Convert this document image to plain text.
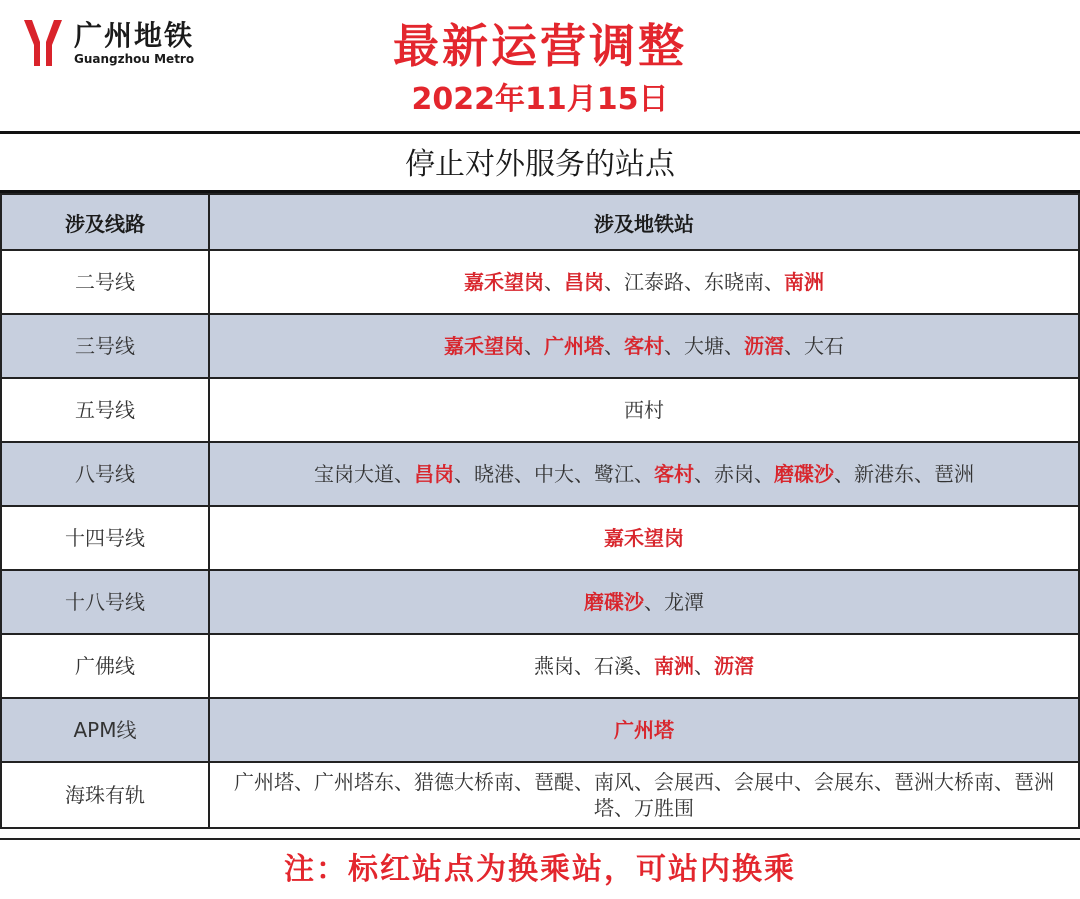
广州地铁
Guangzhou Metro	最新运营调整
2022年11月15日
停止对外服务的站点
涉及线路	涉及地铁站
二号线	嘉禾望岗、昌岗、江泰路、东晓南、南洲
三号线	嘉禾望岗、广州塔、客村、大塘、沥滘、大石
五号线	西村
八号线	宝岗大道、昌岗、晓港、中大、鹭江、客村、赤岗、磨碟沙、新港东、琶洲
十四号线	嘉禾望岗
十八号线	磨碟沙、龙潭
广佛线	燕岗、石溪、南洲、沥滘
APM线	广州塔
海珠有轨	广州塔、广州塔东、猎德大桥南、琶醍、南风、会展西、会展中、会展东、琶洲大桥南、琶洲塔、万胜围
注：标红站点为换乘站，可站内换乘
